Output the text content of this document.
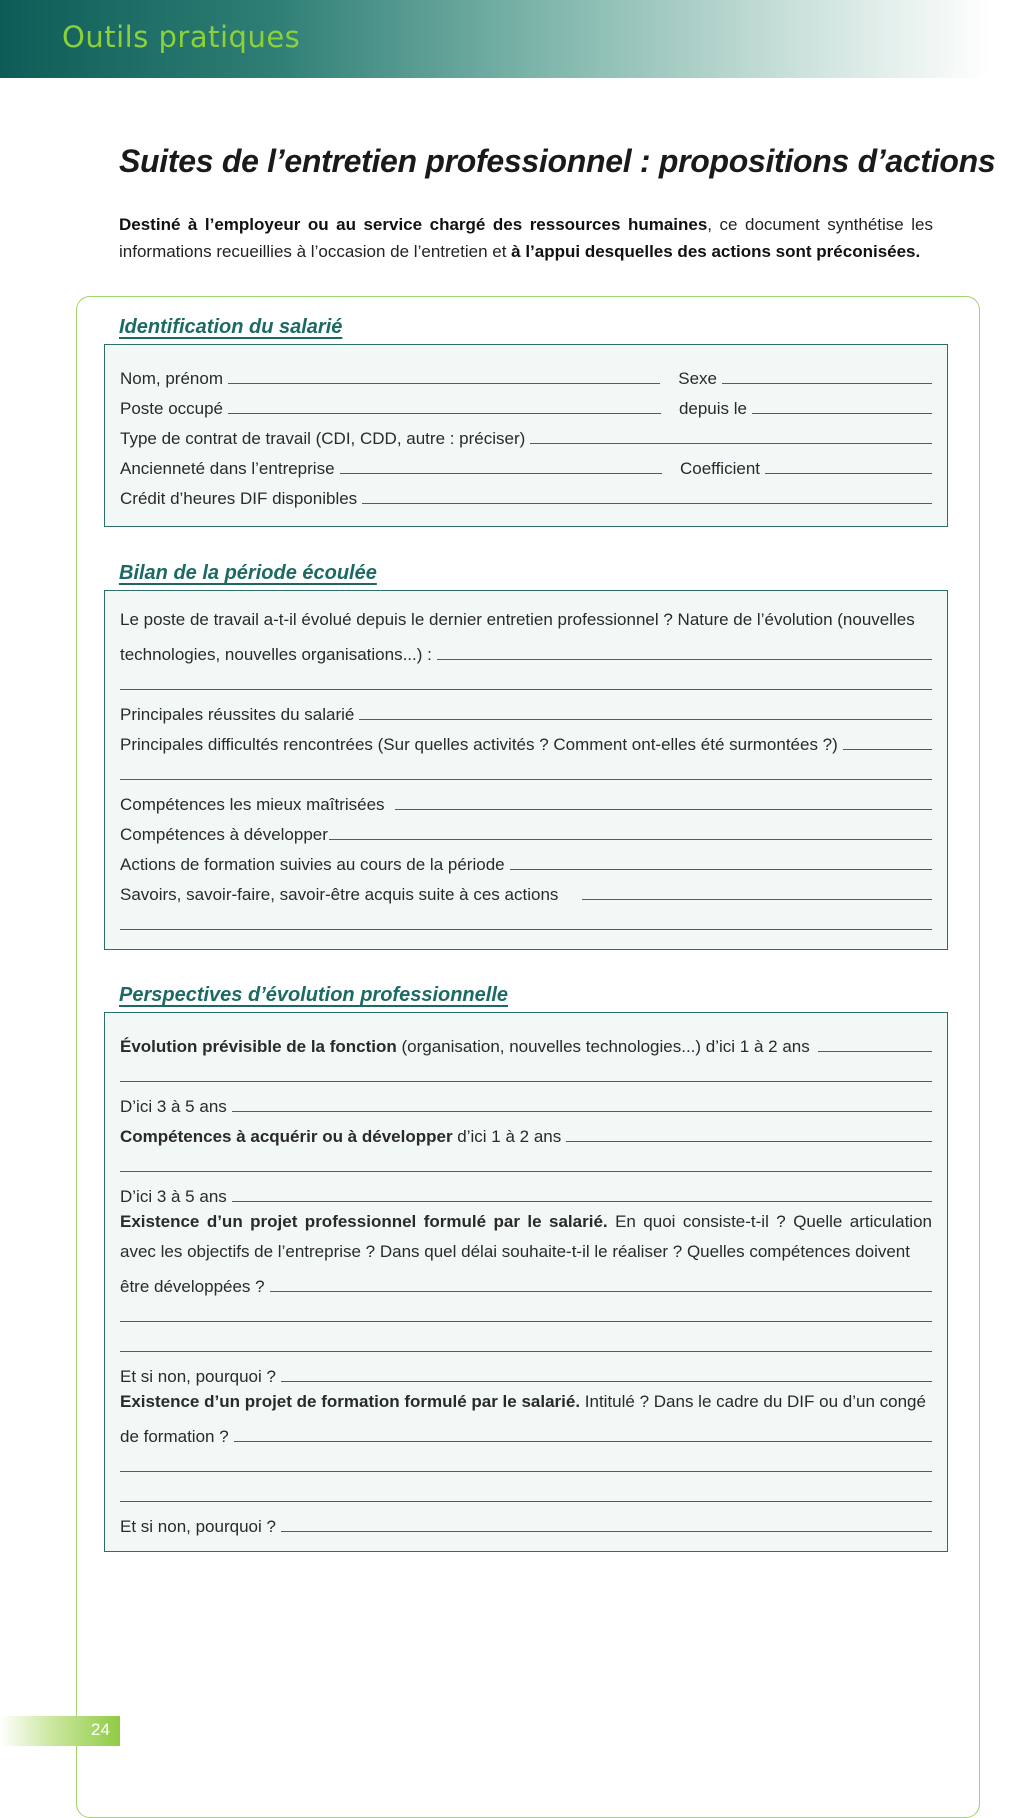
Outils pratiques
Suites de l’entretien professionnel : propositions d’actions

Destiné à l’employeur ou au service chargé des ressources humaines, ce document synthétise les informations recueillies à l’occasion de l’entretien et à l’appui desquelles des actions sont préconisées.

Identification du salarié
Nom, prénom	Sexe
Poste occupé	depuis le
Type de contrat de travail (CDI, CDD, autre : préciser)
Ancienneté dans l’entreprise	Coefficient
Crédit d’heures DIF disponibles
Bilan de la période écoulée

Le poste de travail a-t-il évolué depuis le dernier entretien professionnel ? Nature de l’évolution (nouvelles

technologies, nouvelles organisations...) :
Principales réussites du salarié
Principales difficultés rencontrées (Sur quelles activités ? Comment ont-elles été surmontées ?)
Compétences les mieux maîtrisées
Compétences à développer
Actions de formation suivies au cours de la période
Savoirs, savoir-faire, savoir-être acquis suite à ces actions
Perspectives d’évolution professionnelle
Évolution prévisible de la fonction (organisation, nouvelles technologies...) d’ici 1 à 2 ans
D’ici 3 à 5 ans
Compétences à acquérir ou à développer d’ici 1 à 2 ans
D’ici 3 à 5 ans

Existence d’un projet professionnel formulé par le salarié. En quoi consiste-t-il ? Quelle articulation avec les objectifs de l’entreprise ? Dans quel délai souhaite-t-il le réaliser ? Quelles compétences doivent

être développées ?
Et si non, pourquoi ?

Existence d’un projet de formation formulé par le salarié. Intitulé ? Dans le cadre du DIF ou d’un congé

de formation ?
Et si non, pourquoi ?
24
